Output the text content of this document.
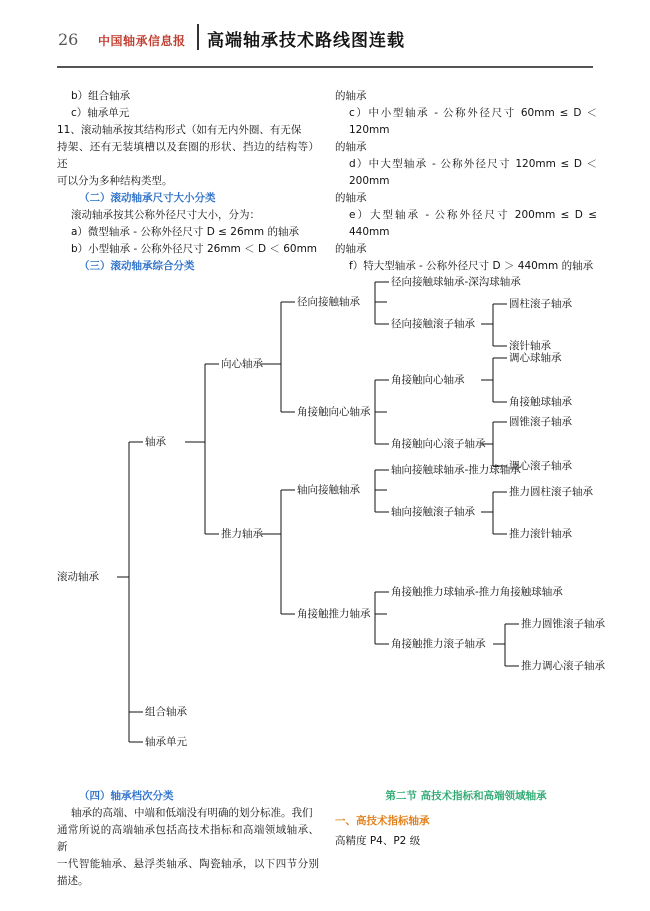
26 中国轴承信息报 高端轴承技术路线图连载

b）组合轴承

c）轴承单元

11、滚动轴承按其结构形式（如有无内外圈、有无保

持架、还有无装填槽以及套圈的形状、挡边的结构等）还

可以分为多种结构类型。

（二）滚动轴承尺寸大小分类

滚动轴承按其公称外径尺寸大小，分为：

a）微型轴承 - 公称外径尺寸 D ≤ 26mm 的轴承

b）小型轴承 - 公称外径尺寸 26mm ＜ D ＜ 60mm

的轴承

c）中小型轴承 - 公称外径尺寸 60mm ≤ D ＜ 120mm

的轴承

d）中大型轴承 - 公称外径尺寸 120mm ≤ D ＜ 200mm

的轴承

e）大型轴承 - 公称外径尺寸 200mm ≤ D ≤ 440mm

的轴承

f）特大型轴承 - 公称外径尺寸 D ＞ 440mm 的轴承

（三）滚动轴承综合分类
滚动轴承
轴承
组合轴承
轴承单元
向心轴承
推力轴承
径向接触轴承
角接触向心轴承
轴向接触轴承
角接触推力轴承
径向接触球轴承-深沟球轴承
径向接触滚子轴承
角接触向心轴承
角接触向心滚子轴承
轴向接触球轴承-推力球轴承
轴向接触滚子轴承
角接触推力球轴承-推力角接触球轴承
角接触推力滚子轴承
圆柱滚子轴承
滚针轴承
调心球轴承
角接触球轴承
圆锥滚子轴承
调心滚子轴承
推力圆柱滚子轴承
推力滚针轴承
推力圆锥滚子轴承
推力调心滚子轴承

（四）轴承档次分类

轴承的高端、中端和低端没有明确的划分标准。我们

通常所说的高端轴承包括高技术指标和高端领域轴承、新

一代智能轴承、悬浮类轴承、陶瓷轴承，以下四节分别描述。

第二节 高技术指标和高端领域轴承

一、高技术指标轴承

高精度 P4、P2 级
